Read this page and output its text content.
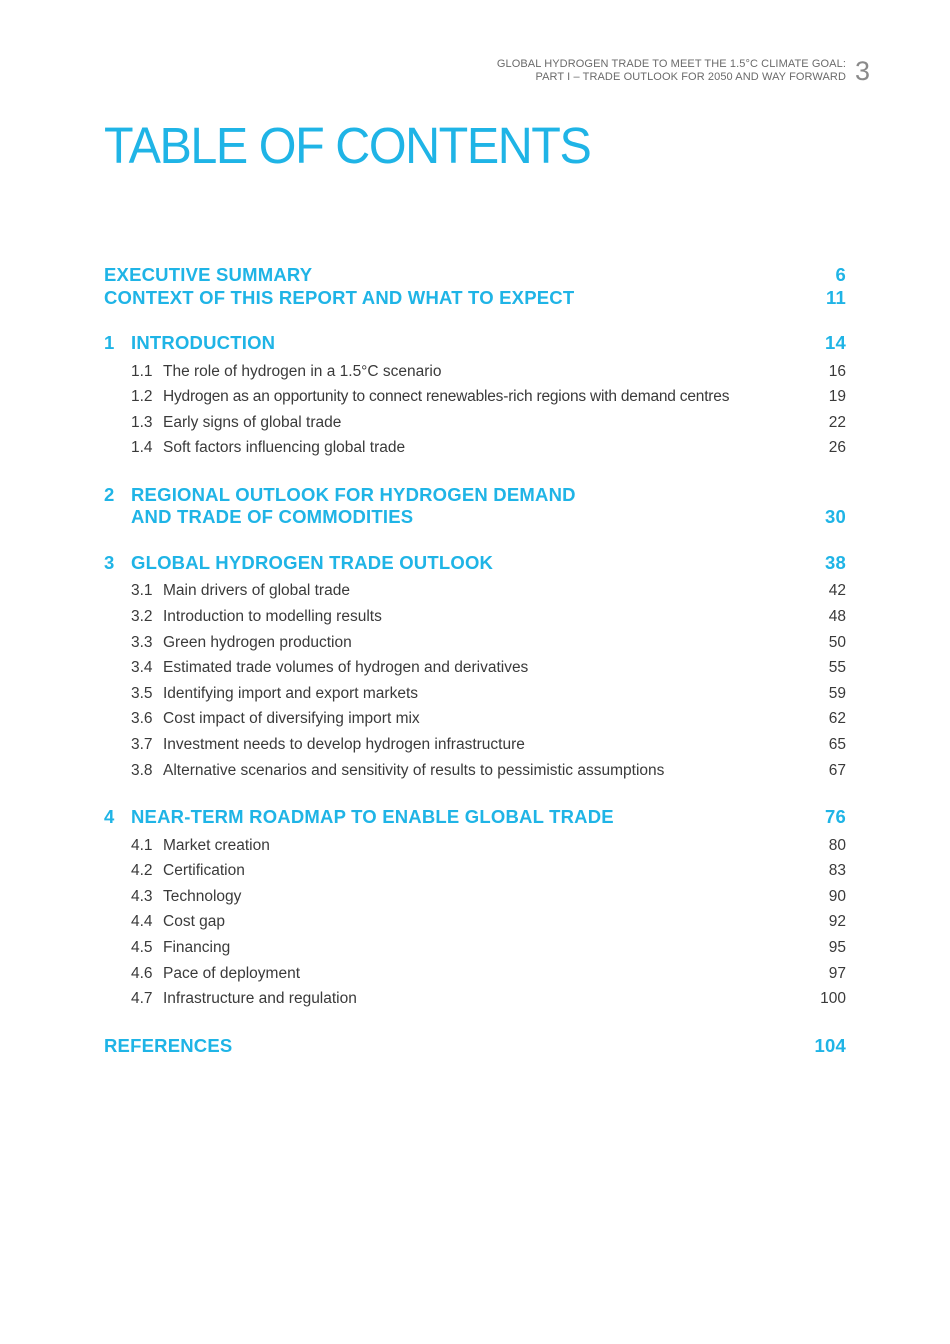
GLOBAL HYDROGEN TRADE TO MEET THE 1.5°C CLIMATE GOAL:
PART I – TRADE OUTLOOK FOR 2050 AND WAY FORWARD 3
TABLE OF CONTENTS
EXECUTIVE SUMMARY	6
CONTEXT OF THIS REPORT AND WHAT TO EXPECT	11
1 INTRODUCTION	14
1.1 The role of hydrogen in a 1.5°C scenario	16
1.2 Hydrogen as an opportunity to connect renewables-rich regions with demand centres	19
1.3 Early signs of global trade	22
1.4 Soft factors influencing global trade	26
2 REGIONAL OUTLOOK FOR HYDROGEN DEMAND
AND TRADE OF COMMODITIES	30
3 GLOBAL HYDROGEN TRADE OUTLOOK	38
3.1 Main drivers of global trade	42
3.2 Introduction to modelling results	48
3.3 Green hydrogen production	50
3.4 Estimated trade volumes of hydrogen and derivatives	55
3.5 Identifying import and export markets	59
3.6 Cost impact of diversifying import mix	62
3.7 Investment needs to develop hydrogen infrastructure	65
3.8 Alternative scenarios and sensitivity of results to pessimistic assumptions	67
4 NEAR-TERM ROADMAP TO ENABLE GLOBAL TRADE	76
4.1 Market creation	80
4.2 Certification	83
4.3 Technology	90
4.4 Cost gap	92
4.5 Financing	95
4.6 Pace of deployment	97
4.7 Infrastructure and regulation	100
REFERENCES	104
